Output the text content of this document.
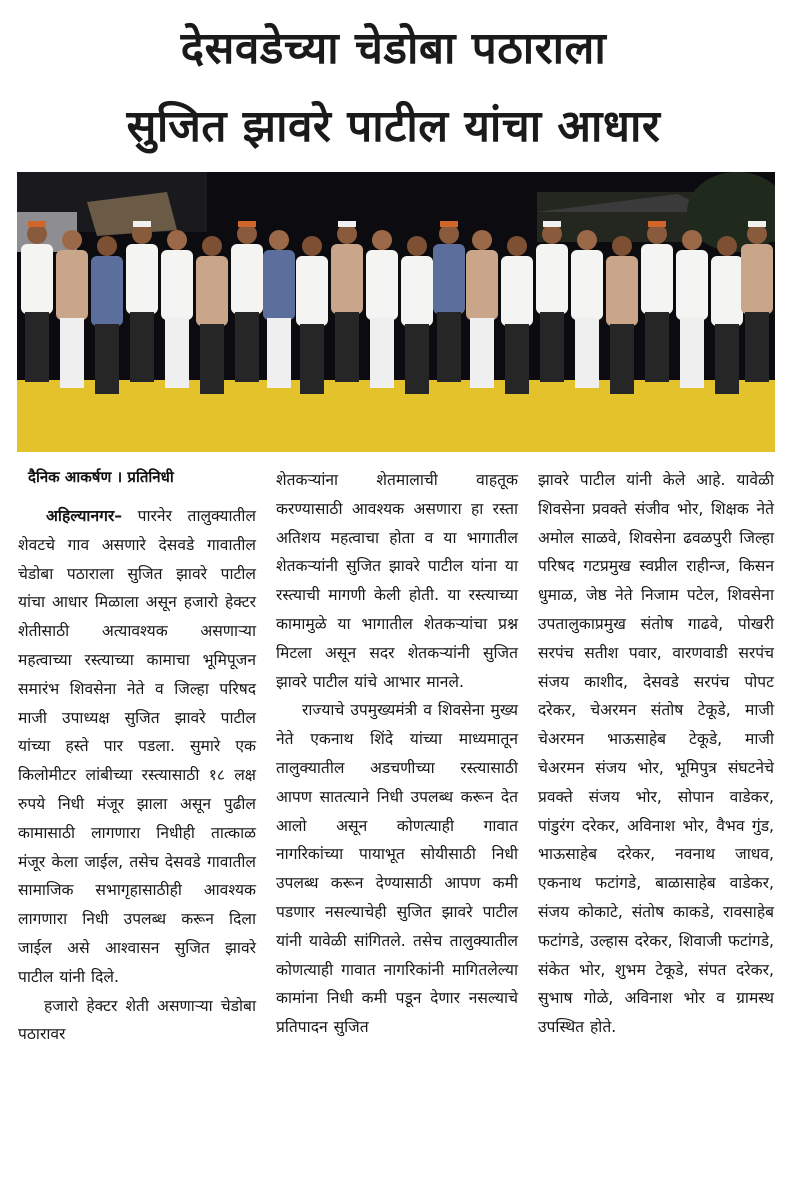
देसवडेच्या चेडोबा पठाराला
सुजित झावरे पाटील यांचा आधार
दैनिक आकर्षण । प्रतिनिधी

अहिल्यानगर– पारनेर तालुक्यातील शेवटचे गाव असणारे देसवडे गावातील चेडोबा पठाराला सुजित झावरे पाटील यांचा आधार मिळाला असून हजारो हेक्टर शेतीसाठी अत्यावश्यक असणाऱ्या महत्वाच्या रस्त्याच्या कामाचा भूमिपूजन समारंभ शिवसेना नेते व जिल्हा परिषद माजी उपाध्यक्ष सुजित झावरे पाटील यांच्या हस्ते पार पडला. सुमारे एक किलोमीटर लांबीच्या रस्त्यासाठी १८ लक्ष रुपये निधी मंजूर झाला असून पुढील कामासाठी लागणारा निधीही तात्काळ मंजूर केला जाईल, तसेच देसवडे गावातील सामाजिक सभागृहासाठीही आवश्यक लागणारा निधी उपलब्ध करून दिला जाईल असे आश्वासन सुजित झावरे पाटील यांनी दिले.

हजारो हेक्टर शेती असणाऱ्या चेडोबा पठारावर

शेतकऱ्यांना शेतमालाची वाहतूक करण्यासाठी आवश्यक असणारा हा रस्ता अतिशय महत्वाचा होता व या भागातील शेतकऱ्यांनी सुजित झावरे पाटील यांना या रस्त्याची मागणी केली होती. या रस्त्याच्या कामामुळे या भागातील शेतकऱ्यांचा प्रश्न मिटला असून सदर शेतकऱ्यांनी सुजित झावरे पाटील यांचे आभार मानले.

राज्याचे उपमुख्यमंत्री व शिवसेना मुख्य नेते एकनाथ शिंदे यांच्या माध्यमातून तालुक्यातील अडचणीच्या रस्त्यासाठी आपण सातत्याने निधी उपलब्ध करून देत आलो असून कोणत्याही गावात नागरिकांच्या पायाभूत सोयीसाठी निधी उपलब्ध करून देण्यासाठी आपण कमी पडणार नसल्याचेही सुजित झावरे पाटील यांनी यावेळी सांगितले. तसेच तालुक्यातील कोणत्याही गावात नागरिकांनी मागितलेल्या कामांना निधी कमी पडून देणार नसल्याचे प्रतिपादन सुजित

झावरे पाटील यांनी केले आहे. यावेळी शिवसेना प्रवक्ते संजीव भोर, शिक्षक नेते अमोल साळवे, शिवसेना ढवळपुरी जिल्हा परिषद गटप्रमुख स्वप्नील राहीन्ज, किसन धुमाळ, जेष्ठ नेते निजाम पटेल, शिवसेना उपतालुकाप्रमुख संतोष गाढवे, पोखरी सरपंच सतीश पवार, वारणवाडी सरपंच संजय काशीद, देसवडे सरपंच पोपट दरेकर, चेअरमन संतोष टेकूडे, माजी चेअरमन भाऊसाहेब टेकूडे, माजी चेअरमन संजय भोर, भूमिपुत्र संघटनेचे प्रवक्ते संजय भोर, सोपान वाडेकर, पांडुरंग दरेकर, अविनाश भोर, वैभव गुंड, भाऊसाहेब दरेकर, नवनाथ जाधव, एकनाथ फटांगडे, बाळासाहेब वाडेकर, संजय कोकाटे, संतोष काकडे, रावसाहेब फटांगडे, उल्हास दरेकर, शिवाजी फटांगडे, संकेत भोर, शुभम टेकूडे, संपत दरेकर, सुभाष गोळे, अविनाश भोर व ग्रामस्थ उपस्थित होते.
